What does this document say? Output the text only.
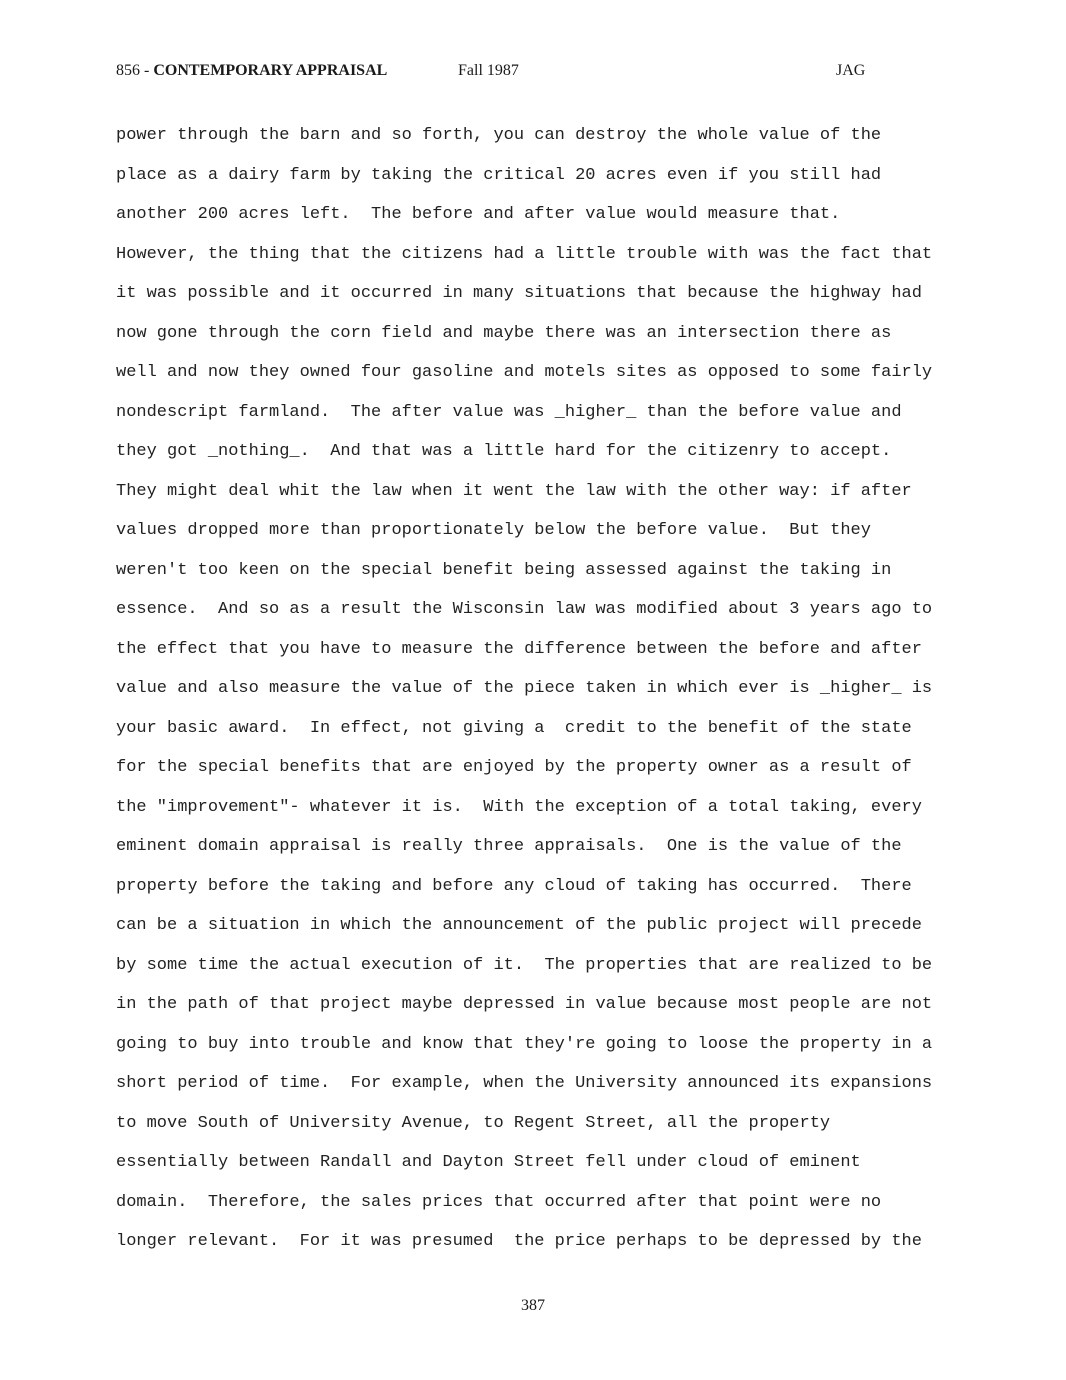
856 - CONTEMPORARY APPRAISAL	Fall 1987	JAG
power through the barn and so forth, you can destroy the whole value of the
place as a dairy farm by taking the critical 20 acres even if you still had
another 200 acres left.  The before and after value would measure that.
However, the thing that the citizens had a little trouble with was the fact that
it was possible and it occurred in many situations that because the highway had
now gone through the corn field and maybe there was an intersection there as
well and now they owned four gasoline and motels sites as opposed to some fairly
nondescript farmland.  The after value was _higher_ than the before value and
they got _nothing_.  And that was a little hard for the citizenry to accept.
They might deal whit the law when it went the law with the other way: if after
values dropped more than proportionately below the before value.  But they
weren't too keen on the special benefit being assessed against the taking in
essence.  And so as a result the Wisconsin law was modified about 3 years ago to
the effect that you have to measure the difference between the before and after
value and also measure the value of the piece taken in which ever is _higher_ is
your basic award.  In effect, not giving a  credit to the benefit of the state
for the special benefits that are enjoyed by the property owner as a result of
the "improvement"- whatever it is.  With the exception of a total taking, every
eminent domain appraisal is really three appraisals.  One is the value of the
property before the taking and before any cloud of taking has occurred.  There
can be a situation in which the announcement of the public project will precede
by some time the actual execution of it.  The properties that are realized to be
in the path of that project maybe depressed in value because most people are not
going to buy into trouble and know that they're going to loose the property in a
short period of time.  For example, when the University announced its expansions
to move South of University Avenue, to Regent Street, all the property
essentially between Randall and Dayton Street fell under cloud of eminent
domain.  Therefore, the sales prices that occurred after that point were no
longer relevant.  For it was presumed  the price perhaps to be depressed by the
387
